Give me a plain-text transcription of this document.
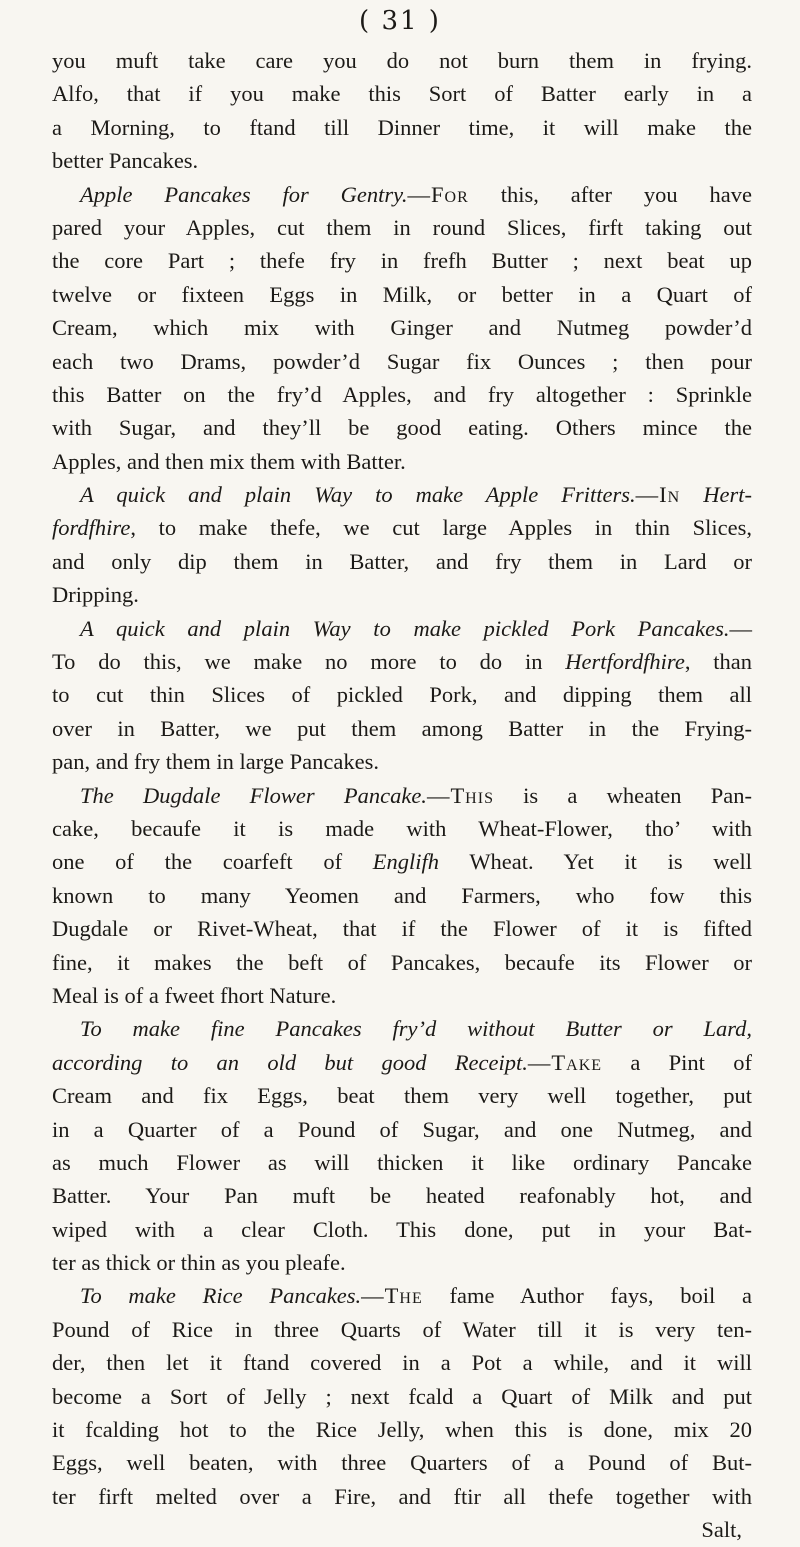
( 31 )
you muft take care you do not burn them in frying.
Alfo, that if you make this Sort of Batter early in a
a Morning, to ftand till Dinner time, it will make the
better Pancakes.
Apple Pancakes for Gentry.—For this, after you have
pared your Apples, cut them in round Slices, firft taking out
the core Part ; thefe fry in frefh Butter ; next beat up
twelve or fixteen Eggs in Milk, or better in a Quart of
Cream, which mix with Ginger and Nutmeg powder’d
each two Drams, powder’d Sugar fix Ounces ; then pour
this Batter on the fry’d Apples, and fry altogether : Sprinkle
with Sugar, and they’ll be good eating. Others mince the
Apples, and then mix them with Batter.
A quick and plain Way to make Apple Fritters.—In Hert-
fordfhire, to make thefe, we cut large Apples in thin Slices,
and only dip them in Batter, and fry them in Lard or
Dripping.
A quick and plain Way to make pickled Pork Pancakes.—
To do this, we make no more to do in Hertfordfhire, than
to cut thin Slices of pickled Pork, and dipping them all
over in Batter, we put them among Batter in the Frying-
pan, and fry them in large Pancakes.
The Dugdale Flower Pancake.—This is a wheaten Pan-
cake, becaufe it is made with Wheat-Flower, tho’ with
one of the coarfeft of Englifh Wheat. Yet it is well
known to many Yeomen and Farmers, who fow this
Dugdale or Rivet-Wheat, that if the Flower of it is fifted
fine, it makes the beft of Pancakes, becaufe its Flower or
Meal is of a fweet fhort Nature.
To make fine Pancakes fry’d without Butter or Lard,
according to an old but good Receipt.—Take a Pint of
Cream and fix Eggs, beat them very well together, put
in a Quarter of a Pound of Sugar, and one Nutmeg, and
as much Flower as will thicken it like ordinary Pancake
Batter. Your Pan muft be heated reafonably hot, and
wiped with a clear Cloth. This done, put in your Bat-
ter as thick or thin as you pleafe.
To make Rice Pancakes.—The fame Author fays, boil a
Pound of Rice in three Quarts of Water till it is very ten-
der, then let it ftand covered in a Pot a while, and it will
become a Sort of Jelly ; next fcald a Quart of Milk and put
it fcalding hot to the Rice Jelly, when this is done, mix 20
Eggs, well beaten, with three Quarters of a Pound of But-
ter firft melted over a Fire, and ftir all thefe together with
Salt,
